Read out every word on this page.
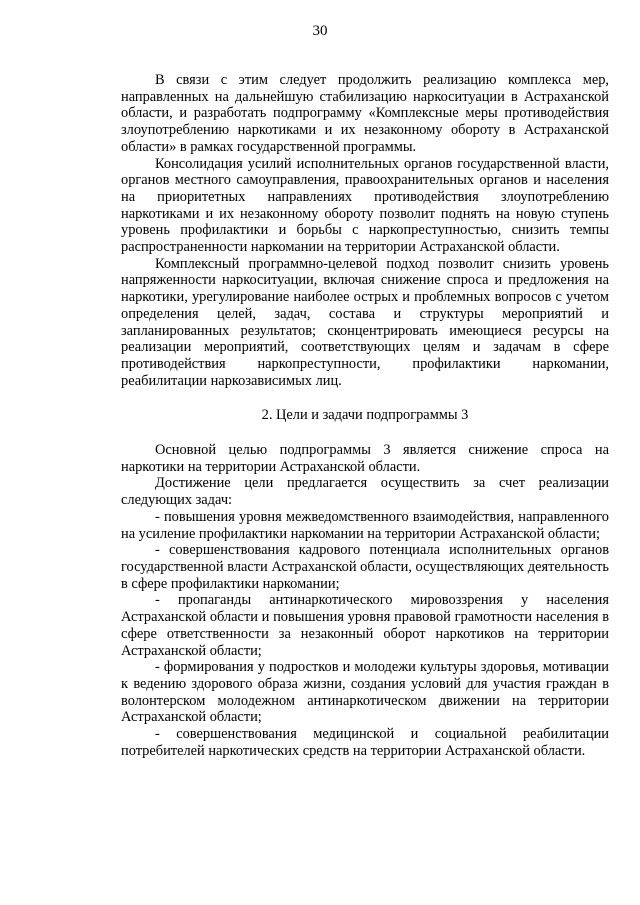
30

В связи с этим следует продолжить реализацию комплекса мер, направленных на дальнейшую стабилизацию наркоситуации в Астраханской области, и разработать подпрограмму «Комплексные меры противодействия злоупотреблению наркотиками и их незаконному обороту в Астраханской области» в рамках государственной программы.

Консолидация усилий исполнительных органов государственной власти, органов местного самоуправления, правоохранительных органов и населения на приоритетных направлениях противодействия злоупотреблению наркотиками и их незаконному обороту позволит поднять на новую ступень уровень профилактики и борьбы с наркопреступностью, снизить темпы распространенности наркомании на территории Астраханской области.

Комплексный программно-целевой подход позволит снизить уровень напряженности наркоситуации, включая снижение спроса и предложения на наркотики, урегулирование наиболее острых и проблемных вопросов с учетом определения целей, задач, состава и структуры мероприятий и запланированных результатов; сконцентрировать имеющиеся ресурсы на реализации мероприятий, соответствующих целям и задачам в сфере противодействия наркопреступности, профилактики наркомании, реабилитации наркозависимых лиц.

2. Цели и задачи подпрограммы 3

Основной целью подпрограммы 3 является снижение спроса на наркотики на территории Астраханской области.

Достижение цели предлагается осуществить за счет реализации следующих задач:

- повышения уровня межведомственного взаимодействия, направленного на усиление профилактики наркомании на территории Астраханской области;

- совершенствования кадрового потенциала исполнительных органов государственной власти Астраханской области, осуществляющих деятельность в сфере профилактики наркомании;

- пропаганды антинаркотического мировоззрения у населения Астраханской области и повышения уровня правовой грамотности населения в сфере ответственности за незаконный оборот наркотиков на территории Астраханской области;

- формирования у подростков и молодежи культуры здоровья, мотивации к ведению здорового образа жизни, создания условий для участия граждан в волонтерском молодежном антинаркотическом движении на территории Астраханской области;

- совершенствования медицинской и социальной реабилитации потребителей наркотических средств на территории Астраханской области.
